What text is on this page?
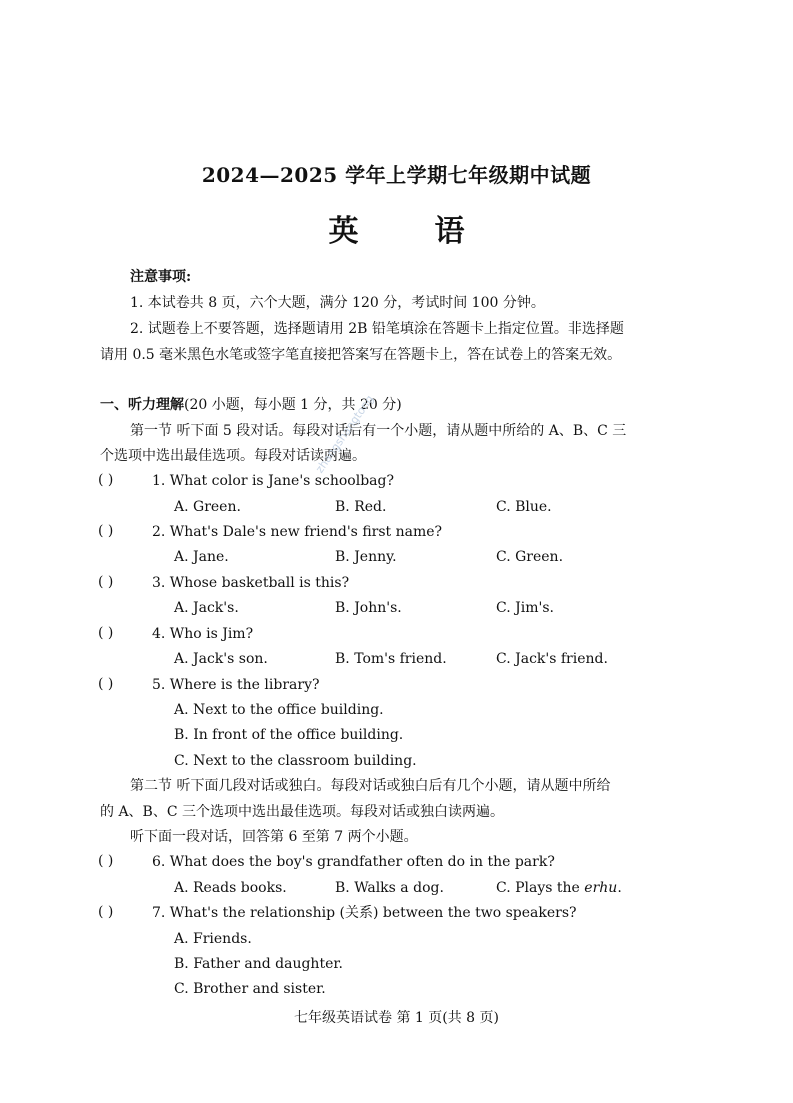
2024—2025 学年上学期七年级期中试题
英	语
注意事项:
1. 本试卷共 8 页，六个大题，满分 120 分，考试时间 100 分钟。
2. 试题卷上不要答题，选择题请用 2B 铅笔填涂在答题卡上指定位置。非选择题
请用 0.5 毫米黑色水笔或签字笔直接把答案写在答题卡上，答在试卷上的答案无效。
一、听力理解(20 小题，每小题 1 分，共 20 分)
第一节 听下面 5 段对话。每段对话后有一个小题，请从题中所给的 A、B、C 三
个选项中选出最佳选项。每段对话读两遍。
zhangshangtong
( )	1. What color is Jane's schoolbag?
A. Green.	B. Red.	C. Blue.
( )	2. What's Dale's new friend's first name?
A. Jane.	B. Jenny.	C. Green.
( )	3. Whose basketball is this?
A. Jack's.	B. John's.	C. Jim's.
( )	4. Who is Jim?
A. Jack's son.	B. Tom's friend.	C. Jack's friend.
( )	5. Where is the library?
A. Next to the office building.
B. In front of the office building.
C. Next to the classroom building.
第二节 听下面几段对话或独白。每段对话或独白后有几个小题，请从题中所给
的 A、B、C 三个选项中选出最佳选项。每段对话或独白读两遍。
听下面一段对话，回答第 6 至第 7 两个小题。
( )	6. What does the boy's grandfather often do in the park?
A. Reads books.	B. Walks a dog.	C. Plays the erhu.
( )	7. What's the relationship (关系) between the two speakers?
A. Friends.
B. Father and daughter.
C. Brother and sister.
七年级英语试卷 第 1 页(共 8 页)
